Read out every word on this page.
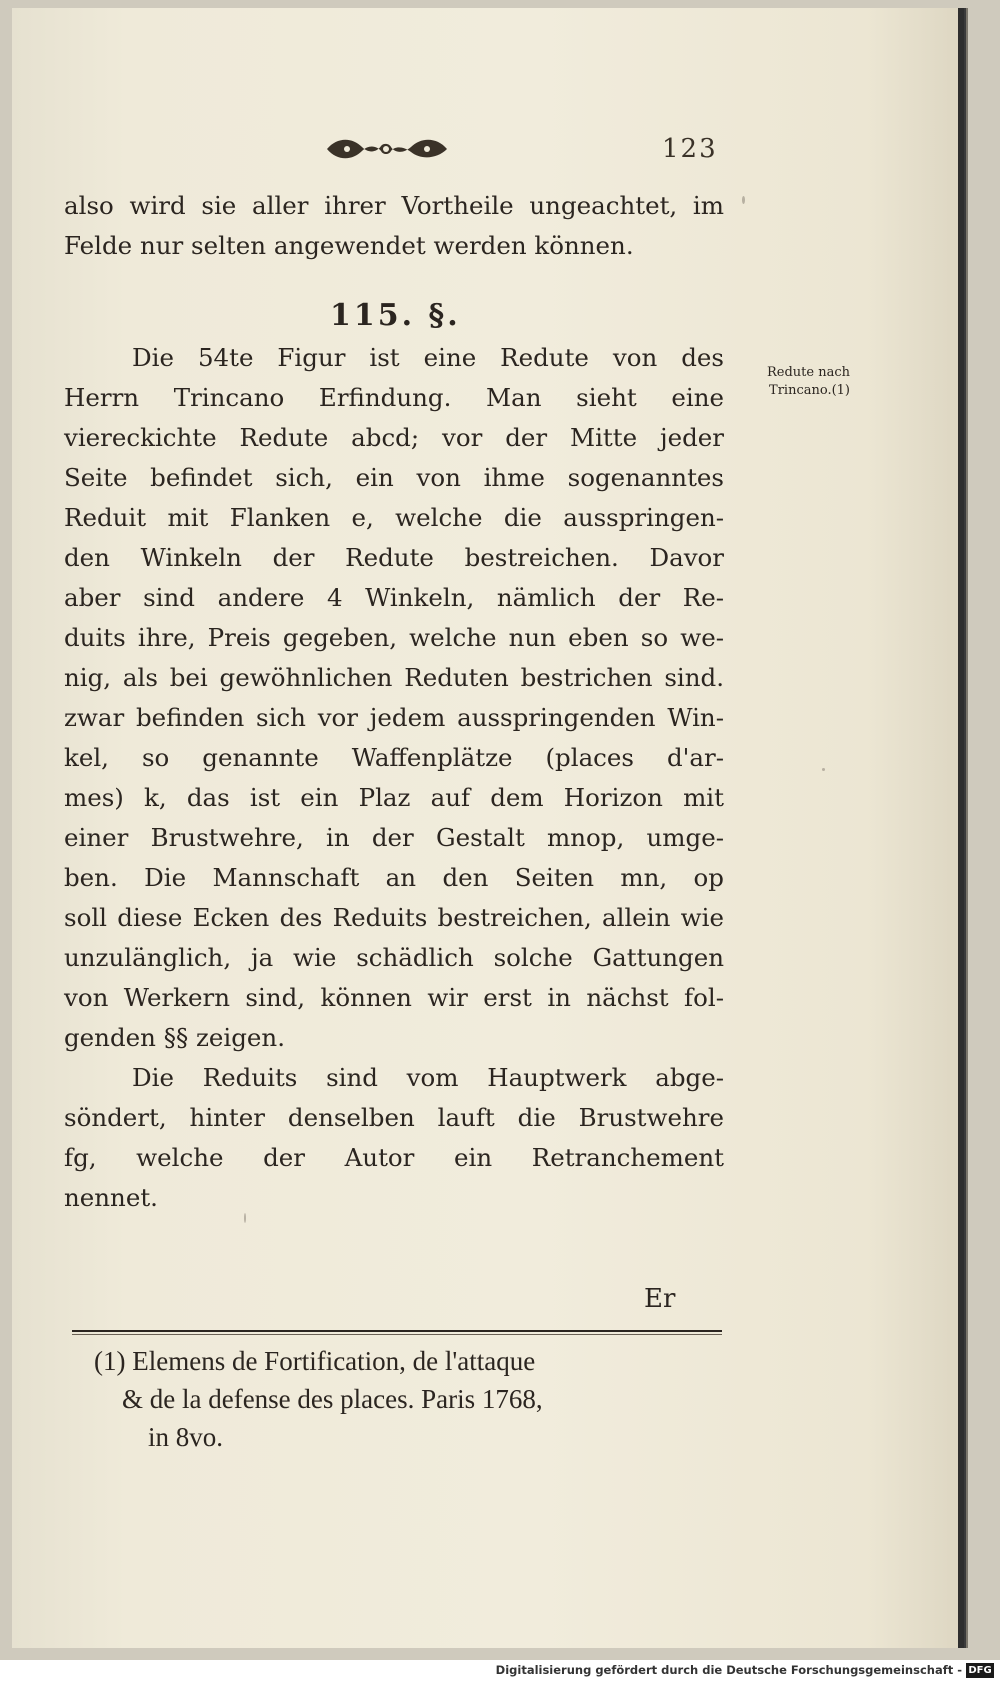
123
also wird sie aller ihrer Vortheile ungeachtet, im
Felde nur selten angewendet werden können.
115. §.
Redute nach
Trincano.(1)
Die 54te Figur ist eine Redute von des
Herrn Trincano Erfindung. Man sieht eine
viereckichte Redute abcd; vor der Mitte jeder
Seite befindet sich, ein von ihme sogenanntes
Reduit mit Flanken e, welche die ausspringen-
den Winkeln der Redute bestreichen. Davor
aber sind andere 4 Winkeln, nämlich der Re-
duits ihre, Preis gegeben, welche nun eben so we-
nig, als bei gewöhnlichen Reduten bestrichen sind.
zwar befinden sich vor jedem ausspringenden Win-
kel, so genannte Waffenplätze (places d'ar-
mes) k, das ist ein Plaz auf dem Horizon mit
einer Brustwehre, in der Gestalt mnop, umge-
ben. Die Mannschaft an den Seiten mn, op
soll diese Ecken des Reduits bestreichen, allein wie
unzulänglich, ja wie schädlich solche Gattungen
von Werkern sind, können wir erst in nächst fol-
genden §§ zeigen.
Die Reduits sind vom Hauptwerk abge-
söndert, hinter denselben lauft die Brustwehre
fg, welche der Autor ein Retranchement
nennet.
Er
(1) Elemens de Fortification, de l'attaque
& de la defense des places. Paris 1768,
in 8vo.
Digitalisierung gefördert durch die Deutsche Forschungsgemeinschaft - DFG
